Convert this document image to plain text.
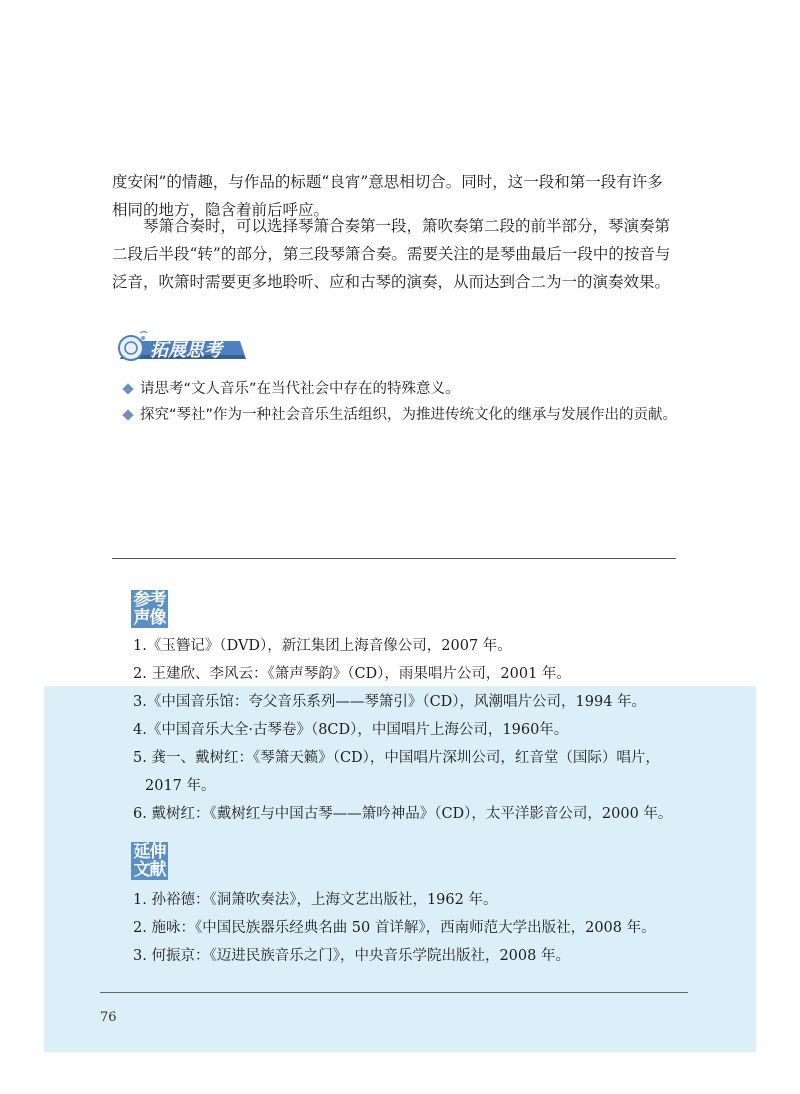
度安闲”的情趣，与作品的标题“良宵”意思相切合。同时，这一段和第一段有许多相同的地方，隐含着前后呼应。

琴箫合奏时，可以选择琴箫合奏第一段，箫吹奏第二段的前半部分，琴演奏第二段后半段“转”的部分，第三段琴箫合奏。需要关注的是琴曲最后一段中的按音与泛音，吹箫时需要更多地聆听、应和古琴的演奏，从而达到合二为一的演奏效果。

拓展思考
请思考“文人音乐”在当代社会中存在的特殊意义。
探究“琴社”作为一种社会音乐生活组织，为推进传统文化的继承与发展作出的贡献。
参考
声像
1.《玉簪记》（DVD），新江集团上海音像公司，2007 年。
2. 王建欣、李风云：《箫声琴韵》（CD），雨果唱片公司，2001 年。
3.《中国音乐馆：夸父音乐系列——琴箫引》（CD），风潮唱片公司，1994 年。
4.《中国音乐大全·古琴卷》（8CD），中国唱片上海公司，1960年。
5. 龚一、戴树红：《琴箫天籁》（CD），中国唱片深圳公司，红音堂（国际）唱片，
2017 年。
6. 戴树红：《戴树红与中国古琴——箫吟神品》（CD），太平洋影音公司，2000 年。
延伸
文献
1. 孙裕德：《洞箫吹奏法》，上海文艺出版社，1962 年。
2. 施咏：《中国民族器乐经典名曲 50 首详解》，西南师范大学出版社，2008 年。
3. 何振京：《迈进民族音乐之门》，中央音乐学院出版社，2008 年。
76
